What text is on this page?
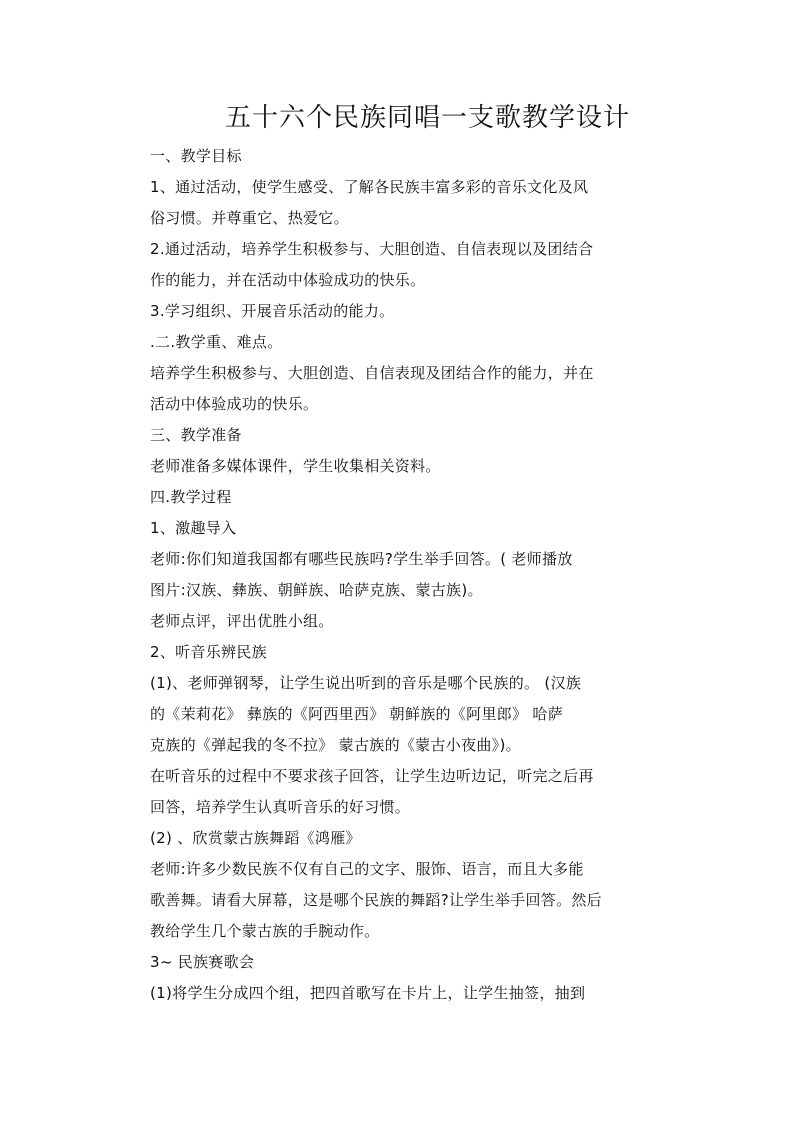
五十六个民族同唱一支歌教学设计
一、教学目标
1、通过活动，使学生感受、了解各民族丰富多彩的音乐文化及风
俗习惯。并尊重它、热爱它。
2.通过活动，培养学生积极参与、大胆创造、自信表现以及团结合
作的能力，并在活动中体验成功的快乐。
3.学习组织、开展音乐活动的能力。
.二.教学重、难点。
培养学生积极参与、大胆创造、自信表现及团结合作的能力，并在
活动中体验成功的快乐。
三、教学准备
老师准备多媒体课件，学生收集相关资料。
四.教学过程
1、激趣导入
老师:你们知道我国都有哪些民族吗?学生举手回答。( 老师播放
图片:汉族、彝族、朝鲜族、哈萨克族、蒙古族)。
老师点评，评出优胜小组。
2、听音乐辨民族
(1)、老师弹钢琴，让学生说出听到的音乐是哪个民族的。 (汉族
的《茉莉花》 彝族的《阿西里西》 朝鲜族的《阿里郎》 哈萨
克族的《弹起我的冬不拉》 蒙古族的《蒙古小夜曲》)。
在听音乐的过程中不要求孩子回答，让学生边听边记，听完之后再
回答，培养学生认真听音乐的好习惯。
(2) 、欣赏蒙古族舞蹈《鸿雁》
老师:许多少数民族不仅有自己的文字、服饰、语言，而且大多能
歌善舞。请看大屏幕，这是哪个民族的舞蹈?让学生举手回答。然后
教给学生几个蒙古族的手腕动作。
3~ 民族赛歌会
(1)将学生分成四个组，把四首歌写在卡片上，让学生抽签，抽到
